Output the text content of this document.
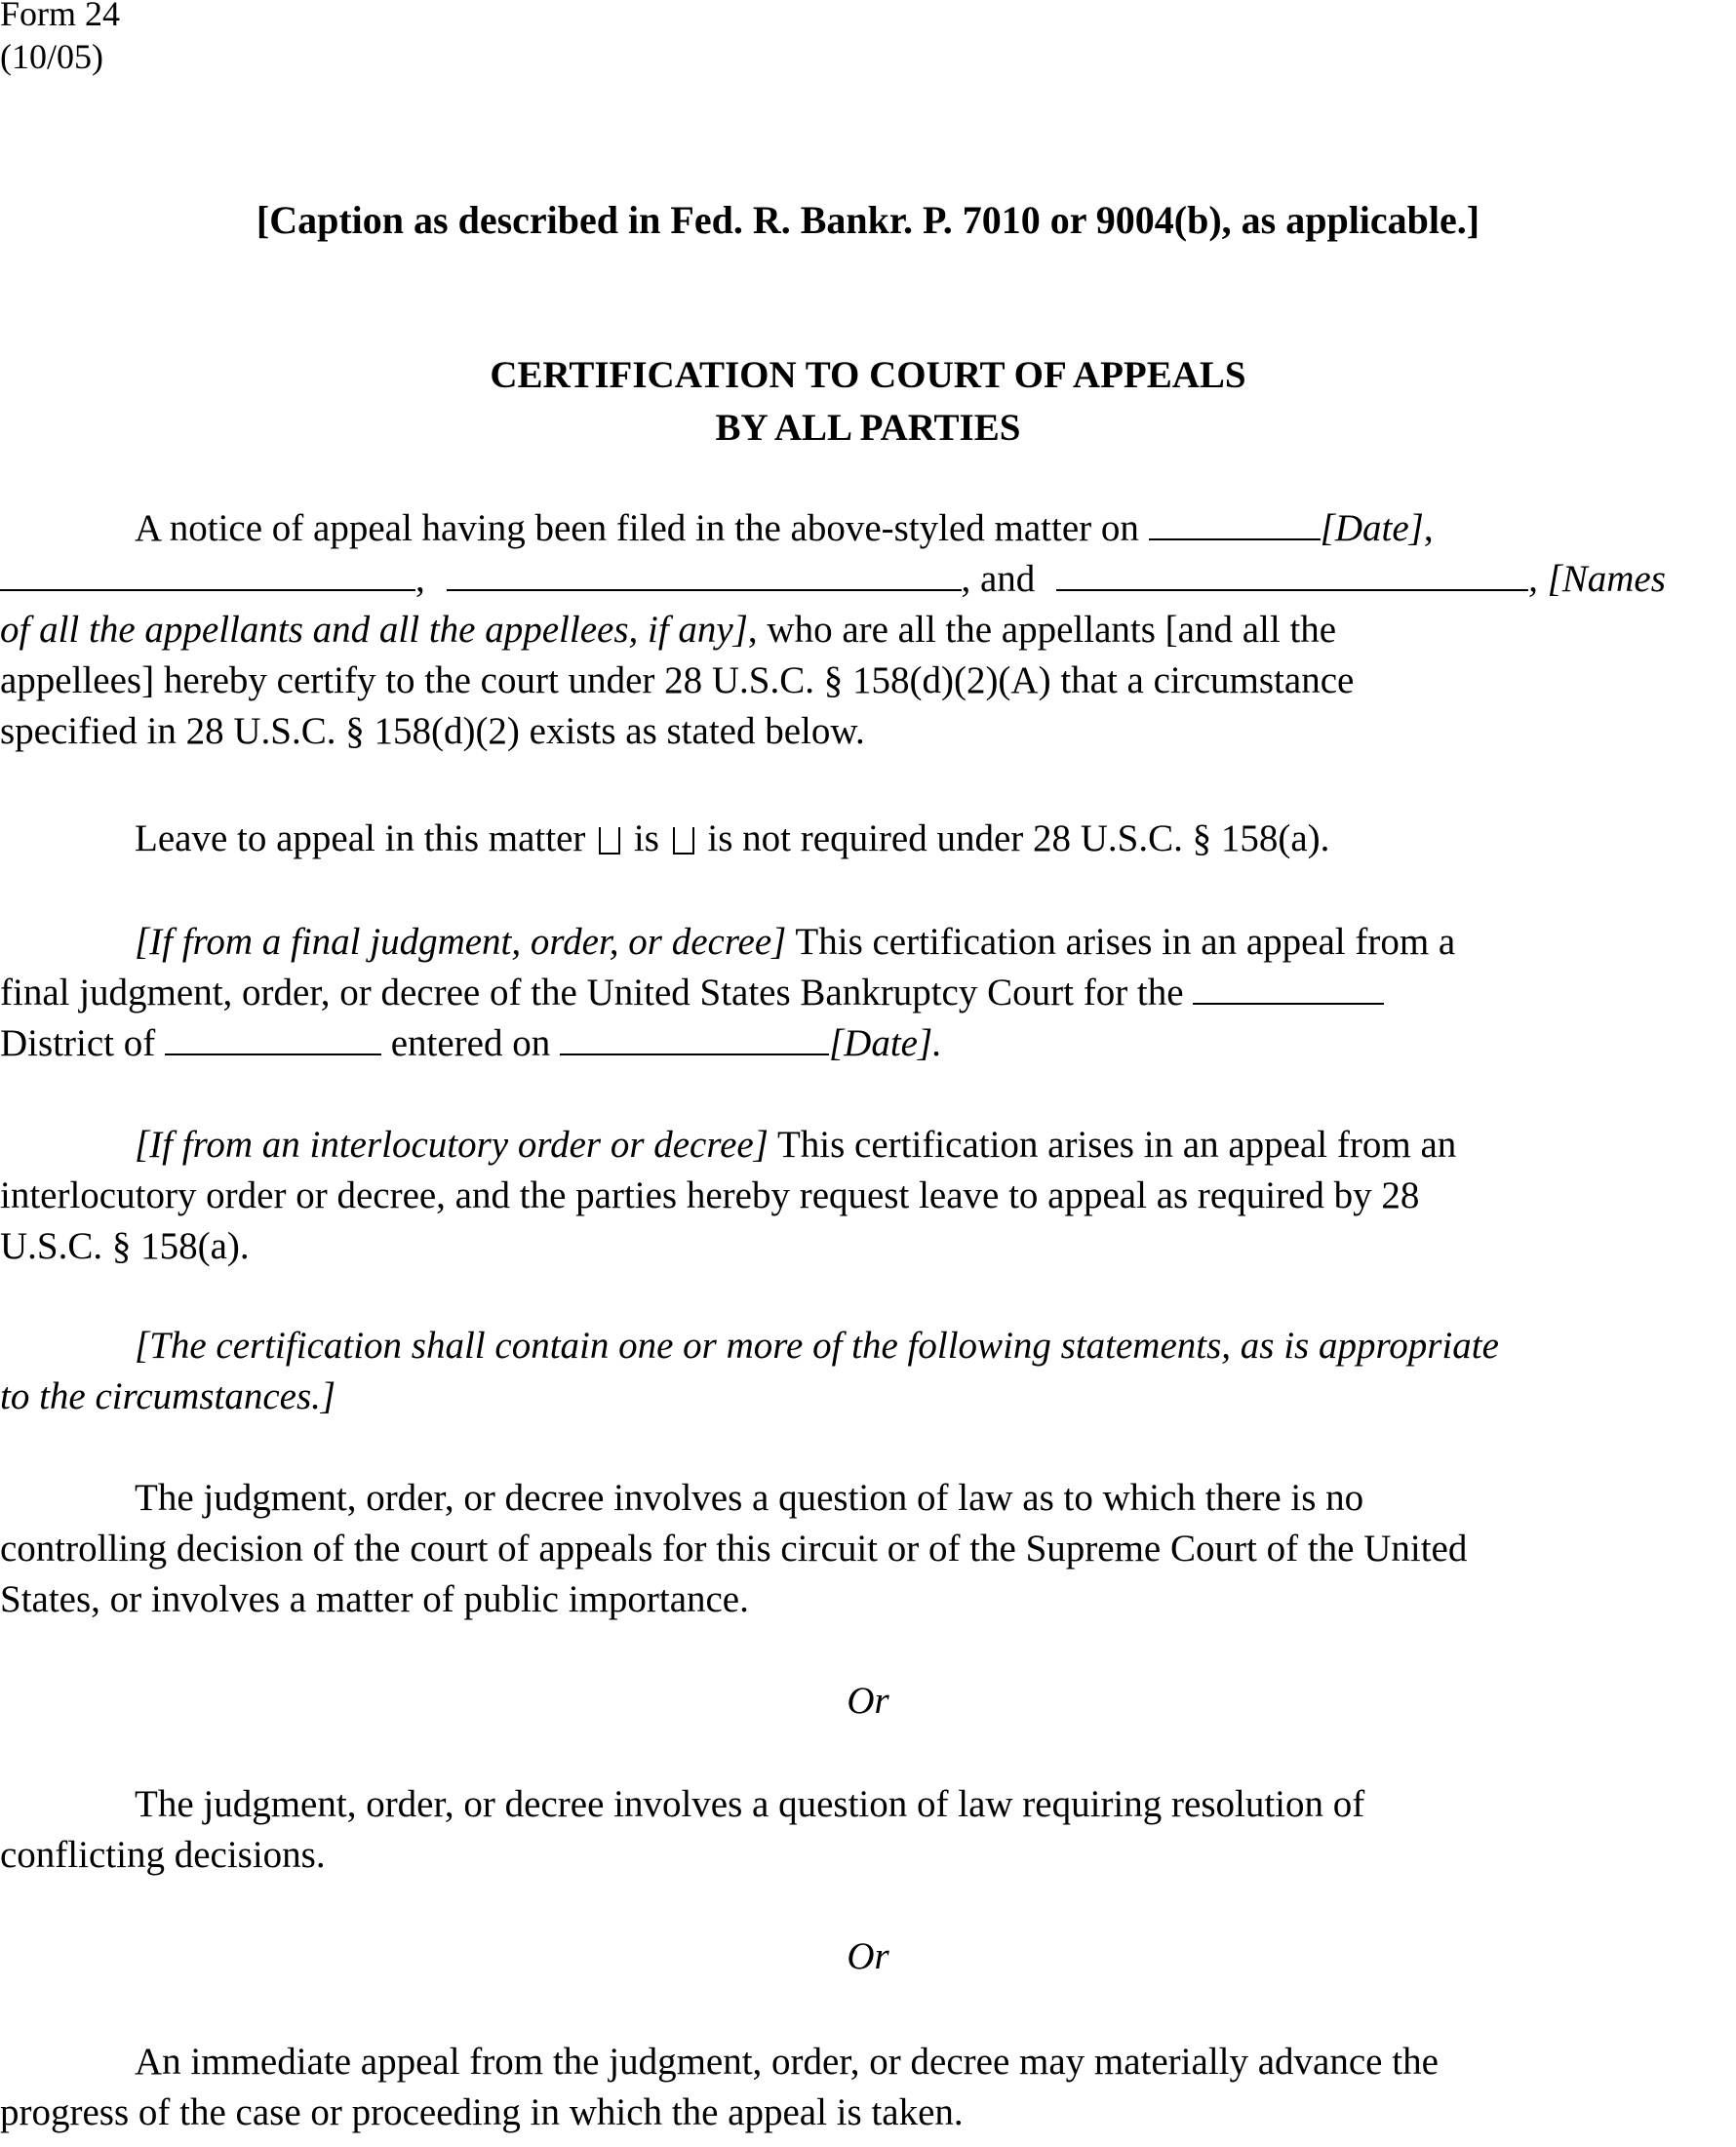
Form 24
(10/05)
[Caption as described in Fed. R. Bankr. P. 7010 or 9004(b), as applicable.]
CERTIFICATION TO COURT OF APPEALS
BY ALL PARTIES
A notice of appeal having been filed in the above-styled matter on	[Date],
,	, and	, [Names
of all the appellants and all the appellees, if any], who are all the appellants [and all the
appellees] hereby certify to the court under 28 U.S.C. § 158(d)(2)(A) that a circumstance
specified in 28 U.S.C. § 158(d)(2) exists as stated below.
Leave to appeal in this matter is is not required under 28 U.S.C. § 158(a).
[If from a final judgment, order, or decree] This certification arises in an appeal from a
final judgment, order, or decree of the United States Bankruptcy Court for the
District of	entered on	[Date].
[If from an interlocutory order or decree] This certification arises in an appeal from an
interlocutory order or decree, and the parties hereby request leave to appeal as required by 28
U.S.C. § 158(a).
[The certification shall contain one or more of the following statements, as is appropriate
to the circumstances.]
The judgment, order, or decree involves a question of law as to which there is no
controlling decision of the court of appeals for this circuit or of the Supreme Court of the United
States, or involves a matter of public importance.
Or
The judgment, order, or decree involves a question of law requiring resolution of
conflicting decisions.
Or
An immediate appeal from the judgment, order, or decree may materially advance the
progress of the case or proceeding in which the appeal is taken.
